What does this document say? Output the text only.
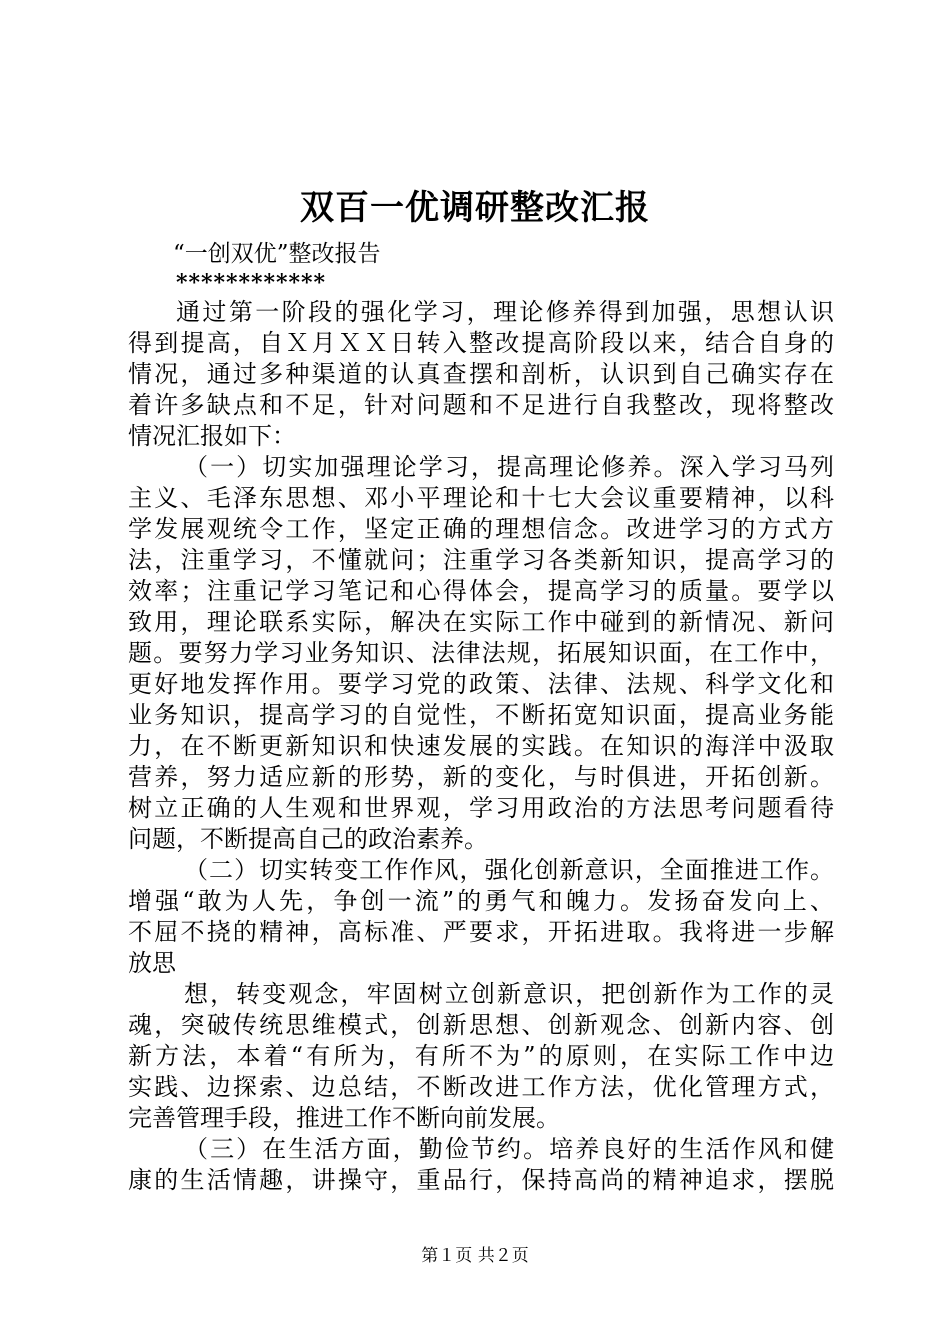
双百一优调研整改汇报
“一创双优”整改报告
************
通过第一阶段的强化学习，理论修养得到加强，思想认识
得到提高，自Ｘ月ＸＸ日转入整改提高阶段以来，结合自身的
情况，通过多种渠道的认真查摆和剖析，认识到自己确实存在
着许多缺点和不足，针对问题和不足进行自我整改，现将整改
情况汇报如下：
（一）切实加强理论学习，提高理论修养。深入学习马列
主义、毛泽东思想、邓小平理论和十七大会议重要精神，以科
学发展观统令工作，坚定正确的理想信念。改进学习的方式方
法，注重学习，不懂就问；注重学习各类新知识，提高学习的
效率；注重记学习笔记和心得体会，提高学习的质量。要学以
致用，理论联系实际，解决在实际工作中碰到的新情况、新问
题。要努力学习业务知识、法律法规，拓展知识面，在工作中，
更好地发挥作用。要学习党的政策、法律、法规、科学文化和
业务知识，提高学习的自觉性，不断拓宽知识面，提高业务能
力，在不断更新知识和快速发展的实践。在知识的海洋中汲取
营养，努力适应新的形势，新的变化，与时俱进，开拓创新。
树立正确的人生观和世界观，学习用政治的方法思考问题看待
问题，不断提高自己的政治素养。
（二）切实转变工作作风，强化创新意识，全面推进工作。
增强“敢为人先，争创一流”的勇气和魄力。发扬奋发向上、
不屈不挠的精神，高标准、严要求，开拓进取。我将进一步解
放思
想，转变观念，牢固树立创新意识，把创新作为工作的灵
魂，突破传统思维模式，创新思想、创新观念、创新内容、创
新方法，本着“有所为，有所不为”的原则，在实际工作中边
实践、边探索、边总结，不断改进工作方法，优化管理方式，
完善管理手段，推进工作不断向前发展。
（三）在生活方面，勤俭节约。培养良好的生活作风和健
康的生活情趣，讲操守，重品行，保持高尚的精神追求，摆脱
第１页 共２页
